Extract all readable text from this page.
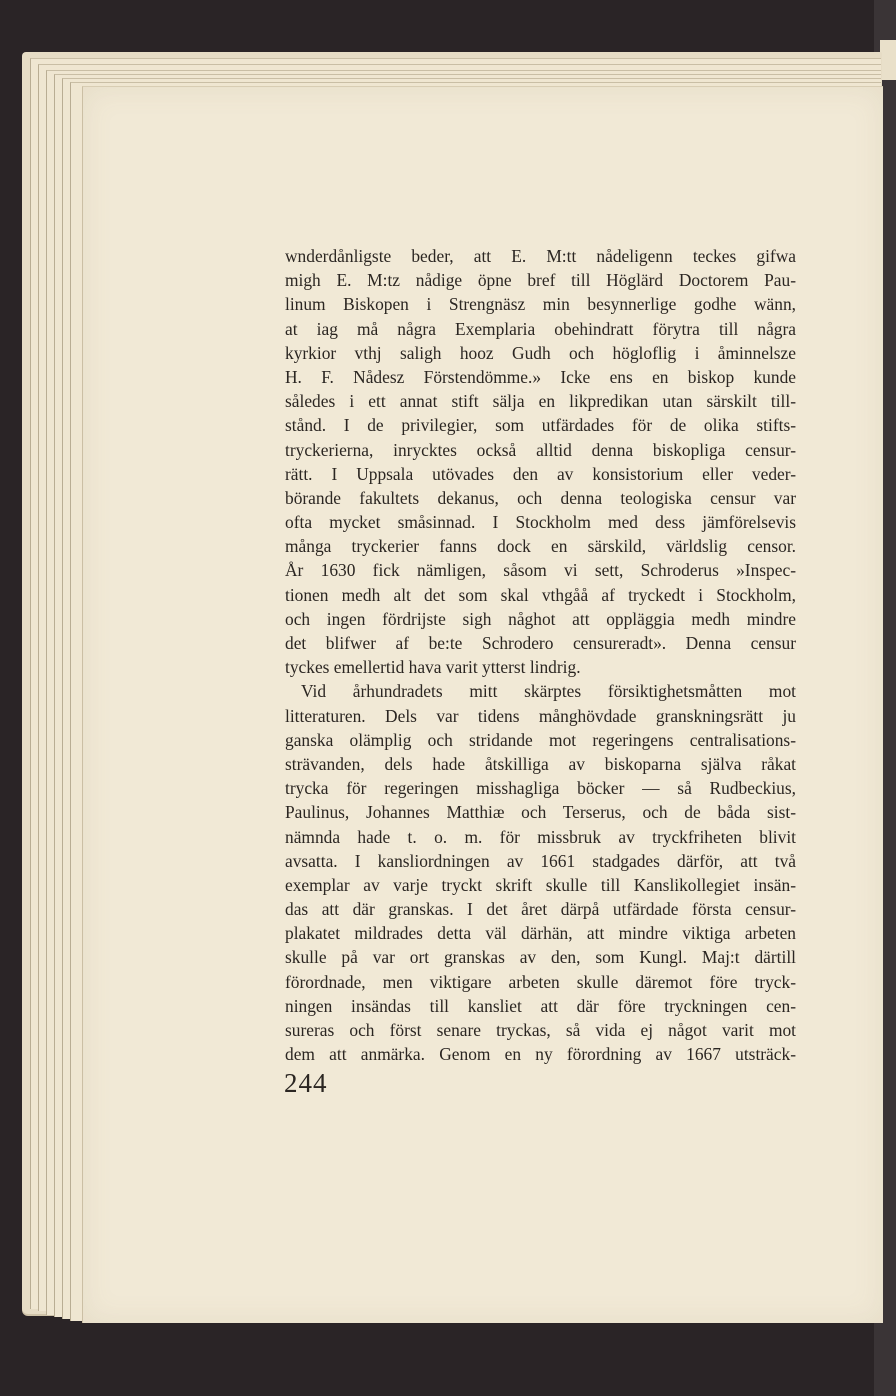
wnderdånligste beder, att E. M:tt nådeligenn teckes gifwa
migh E. M:tz nådige öpne bref till Höglärd Doctorem Pau-
linum Biskopen i Strengnäsz min besynnerlige godhe wänn,
at iag må några Exemplaria obehindratt förytra till några
kyrkior vthj saligh hooz Gudh och högloflig i åminnelsze
H. F. Nådesz Förstendömme.» Icke ens en biskop kunde
således i ett annat stift sälja en likpredikan utan särskilt till-
stånd. I de privilegier, som utfärdades för de olika stifts-
tryckerierna, inrycktes också alltid denna biskopliga censur-
rätt. I Uppsala utövades den av konsistorium eller veder-
börande fakultets dekanus, och denna teologiska censur var
ofta mycket småsinnad. I Stockholm med dess jämförelsevis
många tryckerier fanns dock en särskild, världslig censor.
År 1630 fick nämligen, såsom vi sett, Schroderus »Inspec-
tionen medh alt det som skal vthgåå af tryckedt i Stockholm,
och ingen fördrijste sigh någhot att oppläggia medh mindre
det blifwer af be:te Schrodero censureradt». Denna censur
tyckes emellertid hava varit ytterst lindrig.
Vid århundradets mitt skärptes försiktighetsmåtten mot
litteraturen. Dels var tidens månghövdade granskningsrätt ju
ganska olämplig och stridande mot regeringens centralisations-
strävanden, dels hade åtskilliga av biskoparna själva råkat
trycka för regeringen misshagliga böcker — så Rudbeckius,
Paulinus, Johannes Matthiæ och Terserus, och de båda sist-
nämnda hade t. o. m. för missbruk av tryckfriheten blivit
avsatta. I kansliordningen av 1661 stadgades därför, att två
exemplar av varje tryckt skrift skulle till Kanslikollegiet insän-
das att där granskas. I det året därpå utfärdade första censur-
plakatet mildrades detta väl därhän, att mindre viktiga arbeten
skulle på var ort granskas av den, som Kungl. Maj:t därtill
förordnade, men viktigare arbeten skulle däremot före tryck-
ningen insändas till kansliet att där före tryckningen cen-
sureras och först senare tryckas, så vida ej något varit mot
dem att anmärka. Genom en ny förordning av 1667 utsträck-
244
